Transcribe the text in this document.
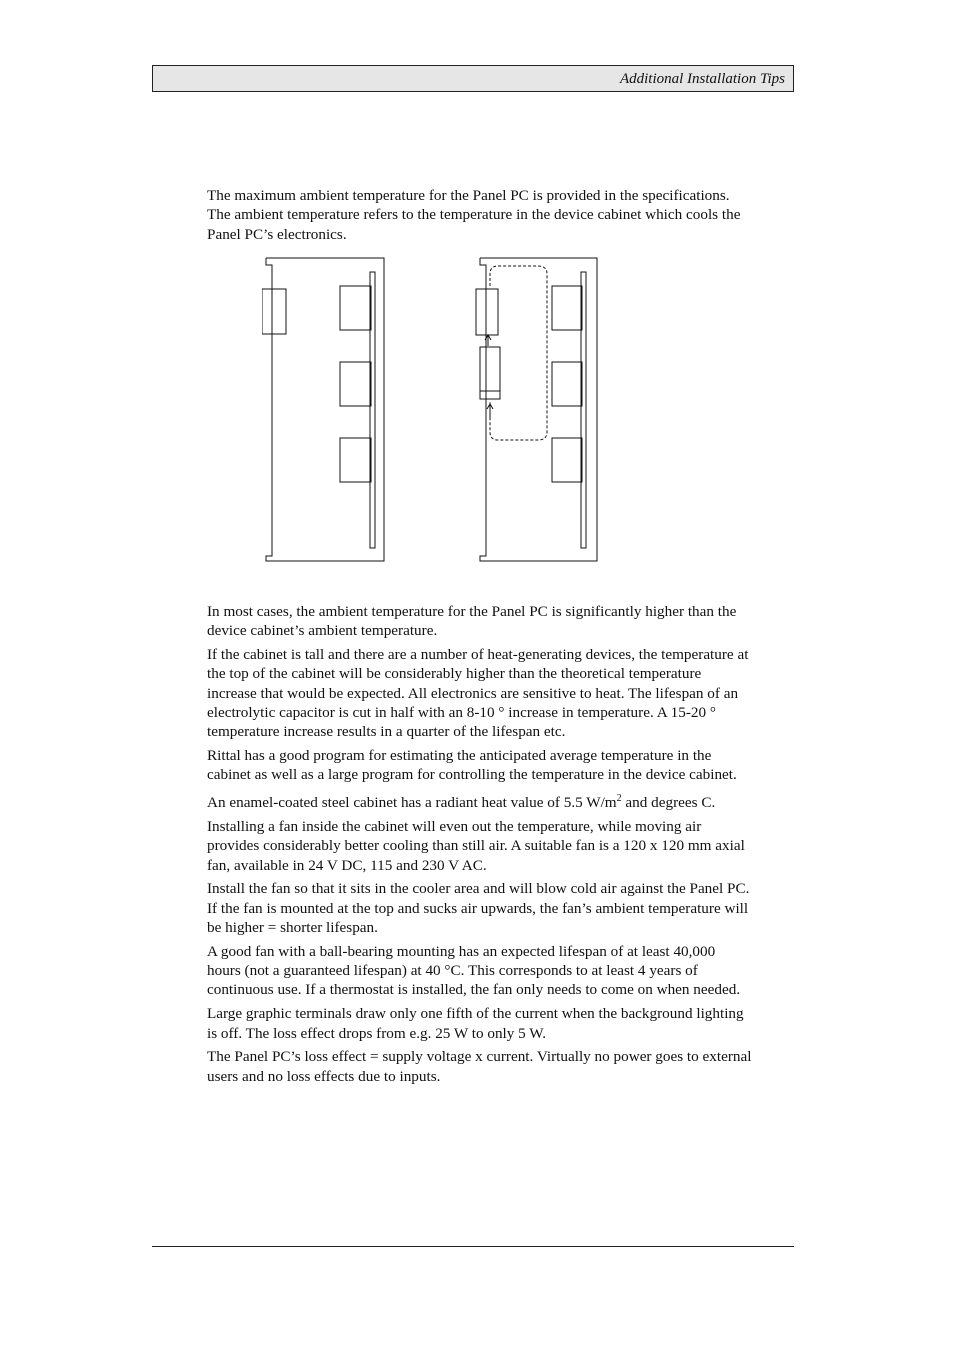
Additional Installation Tips

The maximum ambient temperature for the Panel PC is provided in the specifications. The ambient temperature refers to the temperature in the device cabinet which cools the Panel PC’s electronics.

In most cases, the ambient temperature for the Panel PC is significantly higher than the device cabinet’s ambient temperature.

If the cabinet is tall and there are a number of heat-generating devices, the temperature at the top of the cabinet will be considerably higher than the theoretical temperature increase that would be expected. All electronics are sensitive to heat. The lifespan of an electrolytic capacitor is cut in half with an 8-10 ° increase in temperature. A 15-20 ° temperature increase results in a quarter of the lifespan etc.

Rittal has a good program for estimating the anticipated average temperature in the cabinet as well as a large program for controlling the temperature in the device cabinet.

An enamel-coated steel cabinet has a radiant heat value of 5.5 $W/m^2$ and degrees C.

Installing a fan inside the cabinet will even out the temperature, while moving air provides considerably better cooling than still air. A suitable fan is a 120 x 120 mm axial fan, available in 24 V DC, 115 and 230 V AC.

Install the fan so that it sits in the cooler area and will blow cold air against the Panel PC. If the fan is mounted at the top and sucks air upwards, the fan’s ambient temperature will be higher = shorter lifespan.

A good fan with a ball-bearing mounting has an expected lifespan of at least 40,000 hours (not a guaranteed lifespan) at 40 °C. This corresponds to at least 4 years of continuous use. If a thermostat is installed, the fan only needs to come on when needed.

Large graphic terminals draw only one fifth of the current when the background lighting is off. The loss effect drops from e.g. 25 W to only 5 W.

The Panel PC’s loss effect = supply voltage x current. Virtually no power goes to external users and no loss effects due to inputs.
